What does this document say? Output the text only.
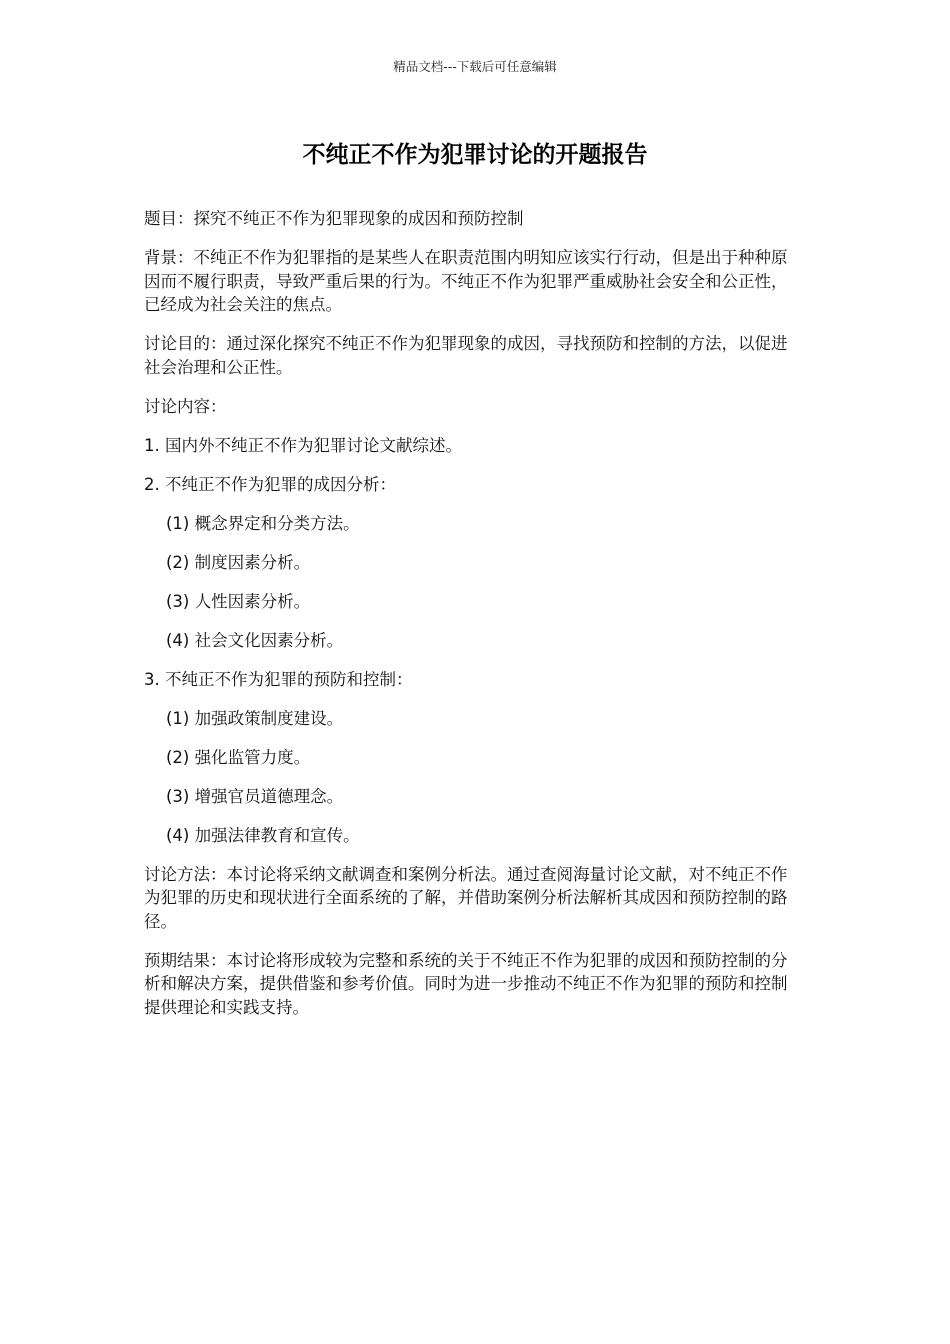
精品文档---下载后可任意编辑
不纯正不作为犯罪讨论的开题报告

题目：探究不纯正不作为犯罪现象的成因和预防控制

背景：不纯正不作为犯罪指的是某些人在职责范围内明知应该实行行动，但是出于种种原因而不履行职责，导致严重后果的行为。不纯正不作为犯罪严重威胁社会安全和公正性，已经成为社会关注的焦点。

讨论目的：通过深化探究不纯正不作为犯罪现象的成因，寻找预防和控制的方法，以促进社会治理和公正性。

讨论内容：

1. 国内外不纯正不作为犯罪讨论文献综述。

2. 不纯正不作为犯罪的成因分析：

(1) 概念界定和分类方法。

(2) 制度因素分析。

(3) 人性因素分析。

(4) 社会文化因素分析。

3. 不纯正不作为犯罪的预防和控制：

(1) 加强政策制度建设。

(2) 强化监管力度。

(3) 增强官员道德理念。

(4) 加强法律教育和宣传。

讨论方法：本讨论将采纳文献调查和案例分析法。通过查阅海量讨论文献，对不纯正不作为犯罪的历史和现状进行全面系统的了解，并借助案例分析法解析其成因和预防控制的路径。

预期结果：本讨论将形成较为完整和系统的关于不纯正不作为犯罪的成因和预防控制的分析和解决方案，提供借鉴和参考价值。同时为进一步推动不纯正不作为犯罪的预防和控制提供理论和实践支持。
